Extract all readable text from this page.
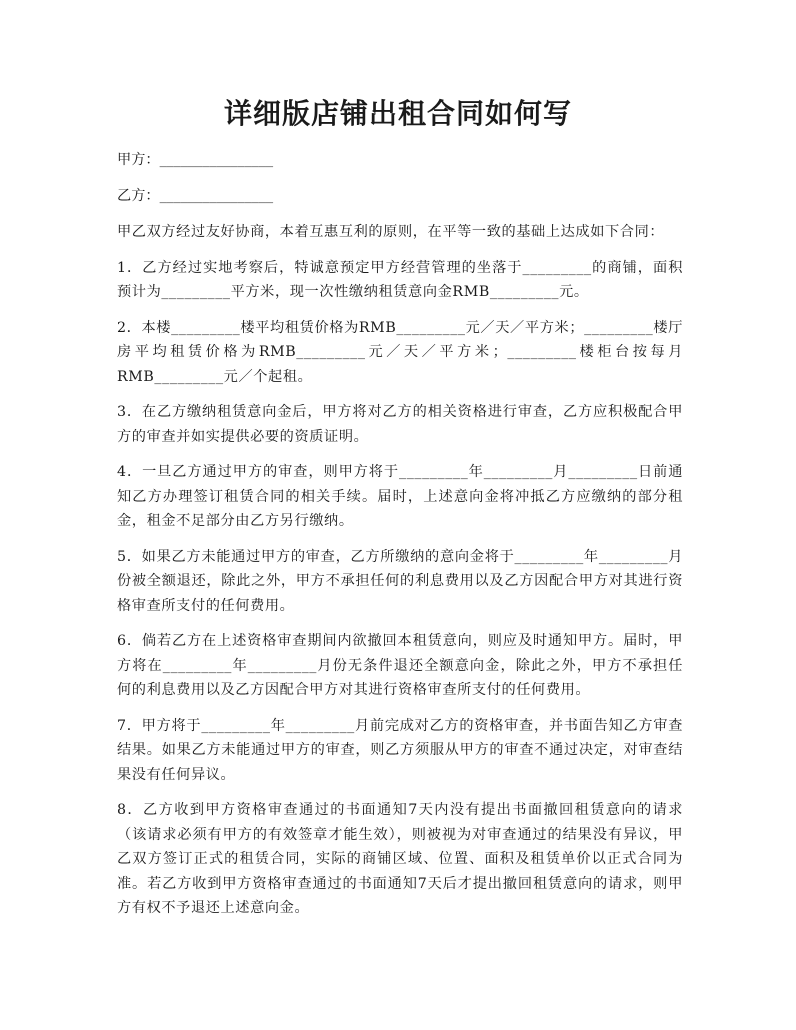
详细版店铺出租合同如何写

甲方：________________

乙方：________________

甲乙双方经过友好协商，本着互惠互利的原则，在平等一致的基础上达成如下合同：

1．乙方经过实地考察后，特诚意预定甲方经营管理的坐落于_________的商铺，面积预计为_________平方米，现一次性缴纳租赁意向金RMB_________元。

2．本楼_________楼平均租赁价格为RMB_________元／天／平方米；_________楼厅房平均租赁价格为RMB_________元／天／平方米；_________楼柜台按每月RMB_________元／个起租。

3．在乙方缴纳租赁意向金后，甲方将对乙方的相关资格进行审查，乙方应积极配合甲方的审查并如实提供必要的资质证明。

4．一旦乙方通过甲方的审查，则甲方将于_________年_________月_________日前通知乙方办理签订租赁合同的相关手续。届时，上述意向金将冲抵乙方应缴纳的部分租金，租金不足部分由乙方另行缴纳。

5．如果乙方未能通过甲方的审查，乙方所缴纳的意向金将于_________年_________月份被全额退还，除此之外，甲方不承担任何的利息费用以及乙方因配合甲方对其进行资格审查所支付的任何费用。

6．倘若乙方在上述资格审查期间内欲撤回本租赁意向，则应及时通知甲方。届时，甲方将在_________年_________月份无条件退还全额意向金，除此之外，甲方不承担任何的利息费用以及乙方因配合甲方对其进行资格审查所支付的任何费用。

7．甲方将于_________年_________月前完成对乙方的资格审查，并书面告知乙方审查结果。如果乙方未能通过甲方的审查，则乙方须服从甲方的审查不通过决定，对审查结果没有任何异议。

8．乙方收到甲方资格审查通过的书面通知7天内没有提出书面撤回租赁意向的请求（该请求必须有甲方的有效签章才能生效），则被视为对审查通过的结果没有异议，甲乙双方签订正式的租赁合同，实际的商铺区域、位置、面积及租赁单价以正式合同为准。若乙方收到甲方资格审查通过的书面通知7天后才提出撤回租赁意向的请求，则甲方有权不予退还上述意向金。
